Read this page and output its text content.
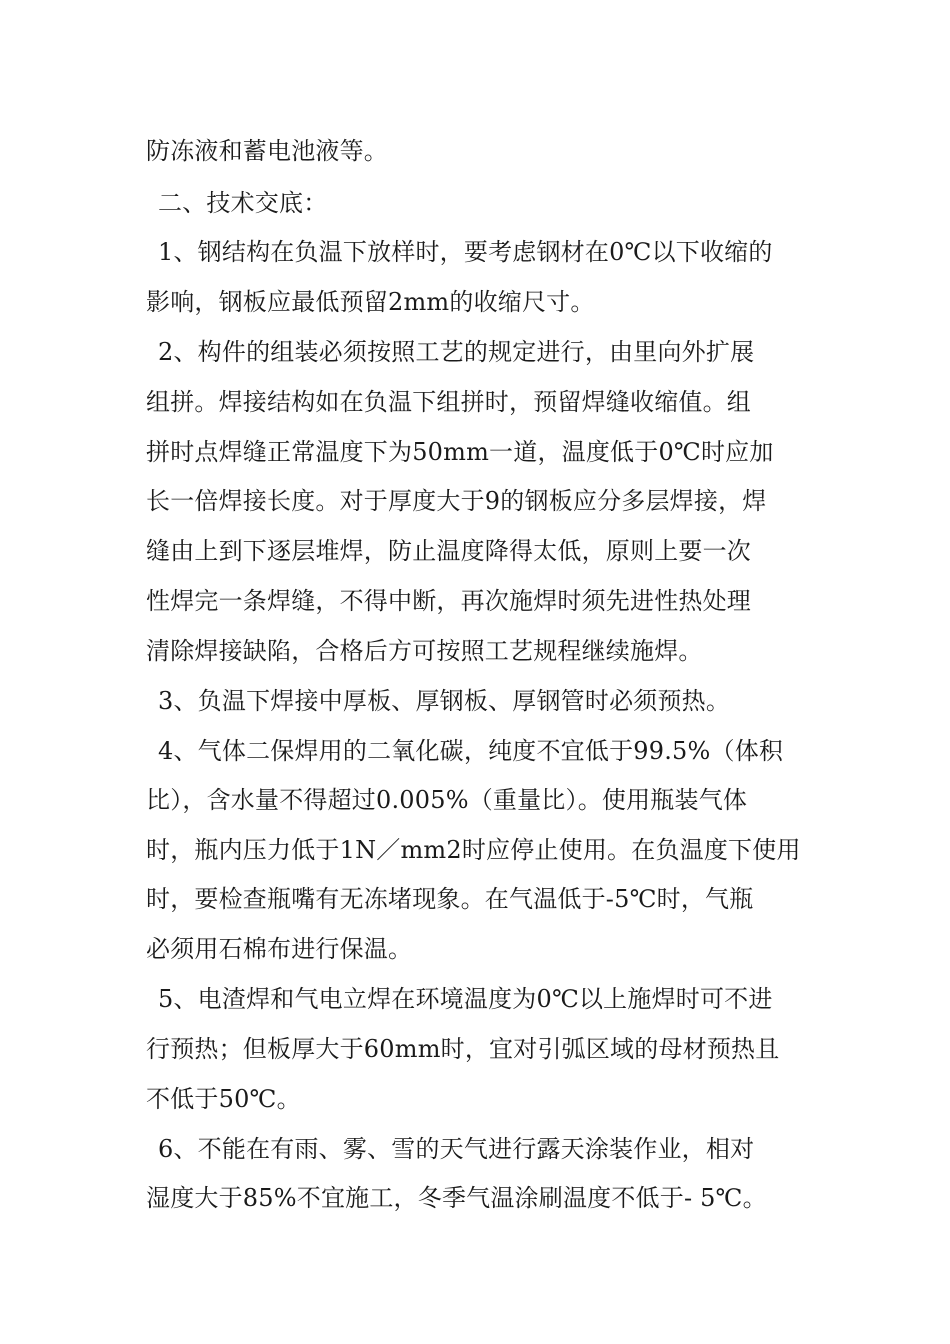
防冻液和蓄电池液等。
二、技术交底：
1、钢结构在负温下放样时，要考虑钢材在0℃以下收缩的
影响，钢板应最低预留2mm的收缩尺寸。
2、构件的组装必须按照工艺的规定进行，由里向外扩展
组拼。焊接结构如在负温下组拼时，预留焊缝收缩值。组
拼时点焊缝正常温度下为50mm一道，温度低于0℃时应加
长一倍焊接长度。对于厚度大于9的钢板应分多层焊接，焊
缝由上到下逐层堆焊，防止温度降得太低，原则上要一次
性焊完一条焊缝，不得中断，再次施焊时须先进性热处理
清除焊接缺陷，合格后方可按照工艺规程继续施焊。
3、负温下焊接中厚板、厚钢板、厚钢管时必须预热。
4、气体二保焊用的二氧化碳，纯度不宜低于99.5%（体积
比），含水量不得超过0.005%（重量比）。使用瓶装气体
时，瓶内压力低于1N／mm2时应停止使用。在负温度下使用
时，要检查瓶嘴有无冻堵现象。在气温低于-5℃时，气瓶
必须用石棉布进行保温。
5、电渣焊和气电立焊在环境温度为0℃以上施焊时可不进
行预热；但板厚大于60mm时，宜对引弧区域的母材预热且
不低于50℃。
6、不能在有雨、雾、雪的天气进行露天涂装作业，相对
湿度大于85%不宜施工，冬季气温涂刷温度不低于- 5℃。
